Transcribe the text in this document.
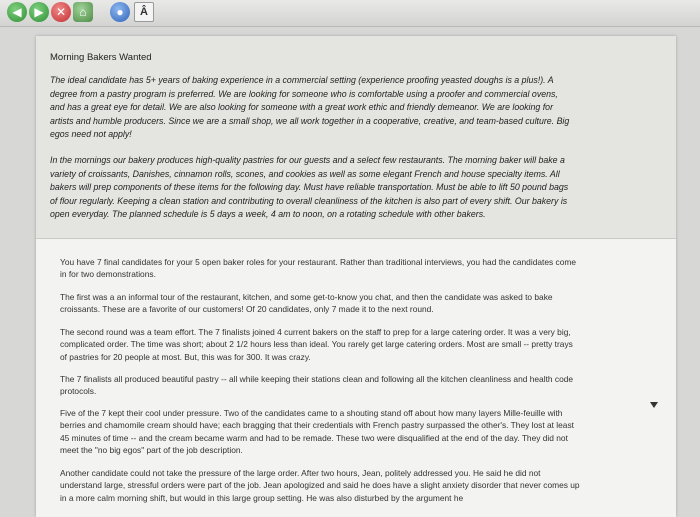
◀	▶	✕	⌂	●	Â
Morning Bakers Wanted

The ideal candidate has 5+ years of baking experience in a commercial setting (experience proofing yeasted doughs is a plus!). A degree from a pastry program is preferred. We are looking for someone who is comfortable using a proofer and commercial ovens, and has a great eye for detail. We are also looking for someone with a great work ethic and friendly demeanor. We are looking for artists and humble producers. Since we are a small shop, we all work together in a cooperative, creative, and team-based culture. Big egos need not apply!

In the mornings our bakery produces high-quality pastries for our guests and a select few restaurants. The morning baker will bake a variety of croissants, Danishes, cinnamon rolls, scones, and cookies as well as some elegant French and house specialty items. All bakers will prep components of these items for the following day. Must have reliable transportation. Must be able to lift 50 pound bags of flour regularly. Keeping a clean station and contributing to overall cleanliness of the kitchen is also part of every shift. Our bakery is open everyday. The planned schedule is 5 days a week, 4 am to noon, on a rotating schedule with other bakers.

You have 7 final candidates for your 5 open baker roles for your restaurant. Rather than traditional interviews, you had the candidates come in for two demonstrations.

The first was a an informal tour of the restaurant, kitchen, and some get-to-know you chat, and then the candidate was asked to bake croissants. These are a favorite of our customers! Of 20 candidates, only 7 made it to the next round.

The second round was a team effort. The 7 finalists joined 4 current bakers on the staff to prep for a large catering order. It was a very big, complicated order. The time was short; about 2 1/2 hours less than ideal. You rarely get large catering orders. Most are small -- pretty trays of pastries for 20 people at most. But, this was for 300. It was crazy.

The 7 finalists all produced beautiful pastry -- all while keeping their stations clean and following all the kitchen cleanliness and health code protocols.

Five of the 7 kept their cool under pressure. Two of the candidates came to a shouting stand off about how many layers Mille-feuille with berries and chamomile cream should have; each bragging that their credentials with French pastry surpassed the other's. They lost at least 45 minutes of time -- and the cream became warm and had to be remade. These two were disqualified at the end of the day. They did not meet the "no big egos" part of the job description.

Another candidate could not take the pressure of the large order. After two hours, Jean, politely addressed you. He said he did not understand large, stressful orders were part of the job. Jean apologized and said he does have a slight anxiety disorder that never comes up in a more calm morning shift, but would in this large group setting. He was also disturbed by the argument he
